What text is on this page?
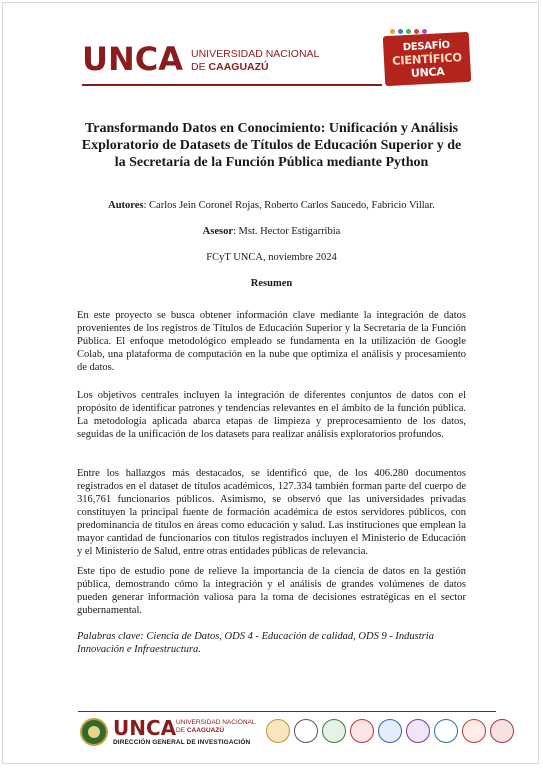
UNCA UNIVERSIDAD NACIONAL
DE CAAGUAZÚ
DESAFÍO
CIENTÍFICO
UNCA
Transformando Datos en Conocimiento: Unificación y Análisis Exploratorio de Datasets de Títulos de Educación Superior y de la Secretaría de la Función Pública mediante Python
Autores: Carlos Jein Coronel Rojas, Roberto Carlos Saucedo, Fabricio Villar.
Asesor: Mst. Hector Estigarribia
FCyT UNCA, noviembre 2024
Resumen

En este proyecto se busca obtener información clave mediante la integración de datos provenientes de los registros de Títulos de Educación Superior y la Secretaría de la Función Pública. El enfoque metodológico empleado se fundamenta en la utilización de Google Colab, una plataforma de computación en la nube que optimiza el análisis y procesamiento de datos.

Los objetivos centrales incluyen la integración de diferentes conjuntos de datos con el propósito de identificar patrones y tendencias relevantes en el ámbito de la función pública. La metodología aplicada abarca etapas de limpieza y preprocesamiento de los datos, seguidas de la unificación de los datasets para realizar análisis exploratorios profundos.

Entre los hallazgos más destacados, se identificó que, de los 406.280 documentos registrados en el dataset de títulos académicos, 127.334 también forman parte del cuerpo de 316,761 funcionarios públicos. Asimismo, se observó que las universidades privadas constituyen la principal fuente de formación académica de estos servidores públicos, con predominancia de títulos en áreas como educación y salud. Las instituciones que emplean la mayor cantidad de funcionarios con títulos registrados incluyen el Ministerio de Educación y el Ministerio de Salud, entre otras entidades públicas de relevancia.

Este tipo de estudio pone de relieve la importancia de la ciencia de datos en la gestión pública, demostrando cómo la integración y el análisis de grandes volúmenes de datos pueden generar información valiosa para la toma de decisiones estratégicas en el sector gubernamental.

Palabras clave: Ciencia de Datos, ODS 4 - Educación de calidad, ODS 9 - Industria Innovación e Infraestructura.

UNCA UNIVERSIDAD NACIONAL
DE CAAGUAZÚ
DIRECCIÓN GENERAL DE INVESTIGACIÓN
